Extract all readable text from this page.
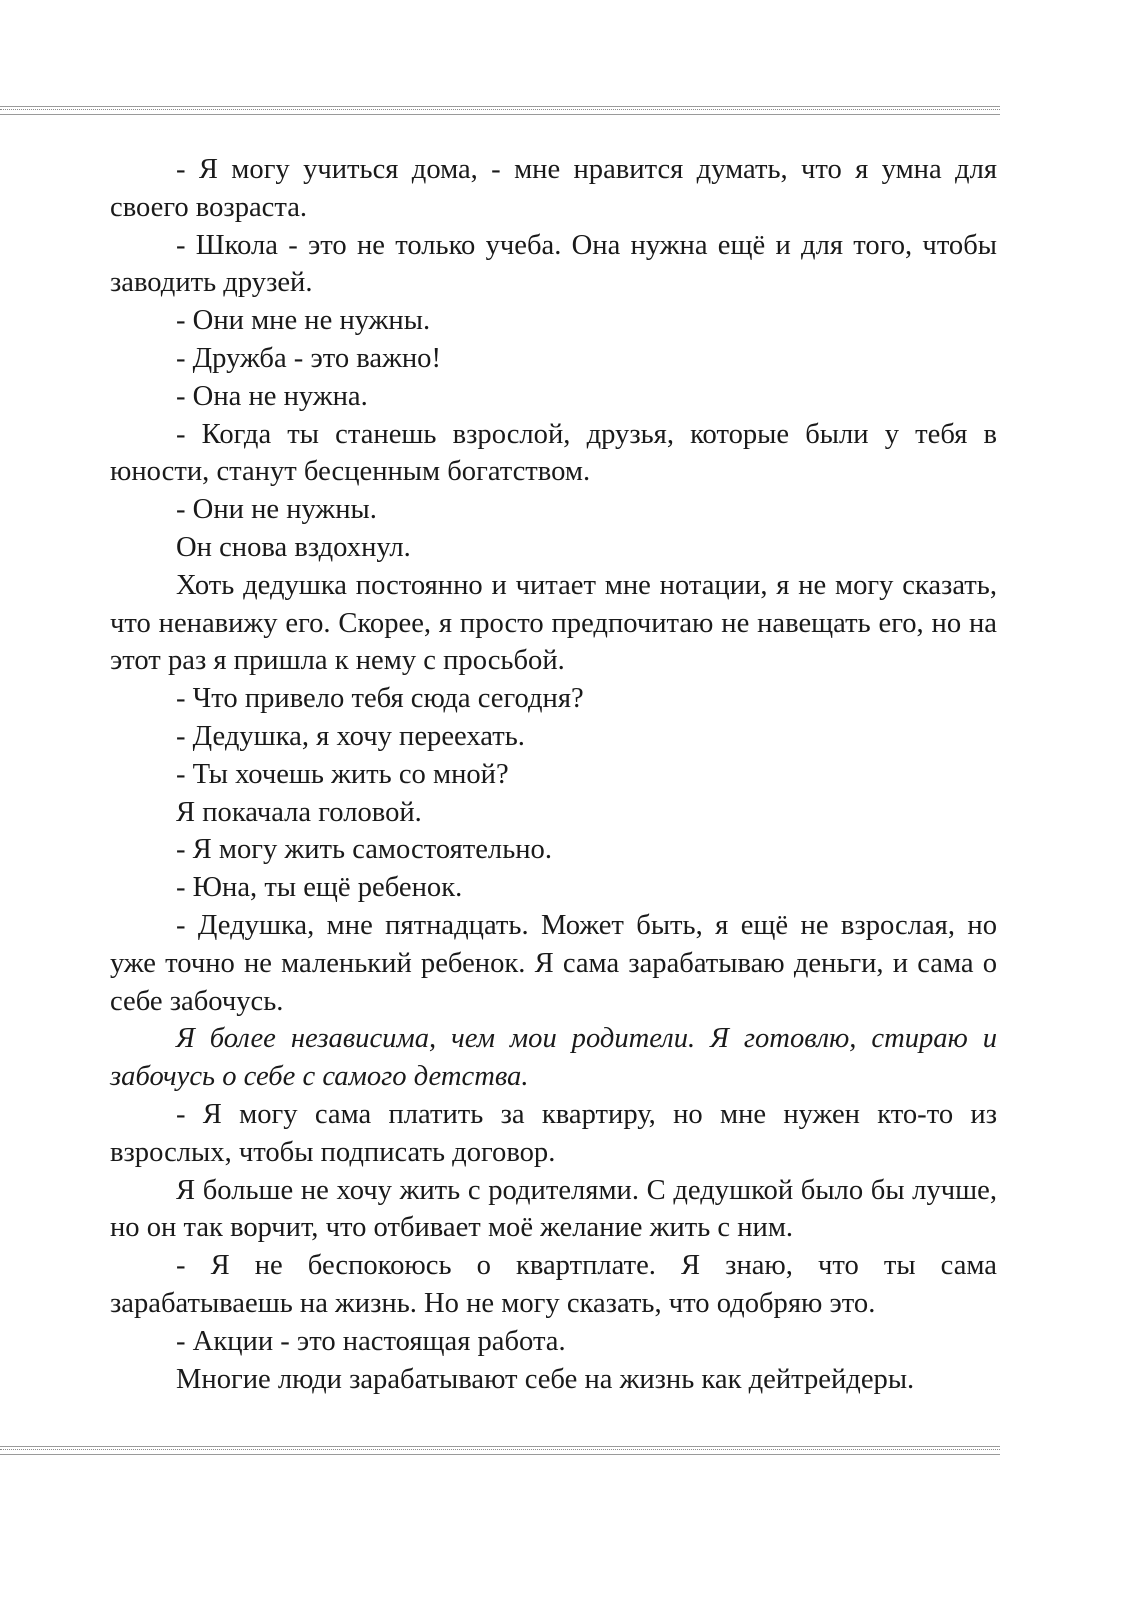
- Я могу учиться дома, - мне нравится думать, что я умна для своего возраста.

- Школа - это не только учеба. Она нужна ещё и для того, чтобы заводить друзей.

- Они мне не нужны.

- Дружба - это важно!

- Она не нужна.

- Когда ты станешь взрослой, друзья, которые были у тебя в юности, станут бесценным богатством.

- Они не нужны.

Он снова вздохнул.

Хоть дедушка постоянно и читает мне нотации, я не могу сказать, что ненавижу его. Скорее, я просто предпочитаю не навещать его, но на этот раз я пришла к нему с просьбой.

- Что привело тебя сюда сегодня?

- Дедушка, я хочу переехать.

- Ты хочешь жить со мной?

Я покачала головой.

- Я могу жить самостоятельно.

- Юна, ты ещё ребенок.

- Дедушка, мне пятнадцать. Может быть, я ещё не взрослая, но уже точно не маленький ребенок. Я сама зарабатываю деньги, и сама о себе забочусь.

Я более независима, чем мои родители. Я готовлю, стираю и забочусь о себе с самого детства.

- Я могу сама платить за квартиру, но мне нужен кто-то из взрослых, чтобы подписать договор.

Я больше не хочу жить с родителями. С дедушкой было бы лучше, но он так ворчит, что отбивает моё желание жить с ним.

- Я не беспокоюсь о квартплате. Я знаю, что ты сама зарабатываешь на жизнь. Но не могу сказать, что одобряю это.

- Акции - это настоящая работа.

Многие люди зарабатывают себе на жизнь как дейтрейдеры.
